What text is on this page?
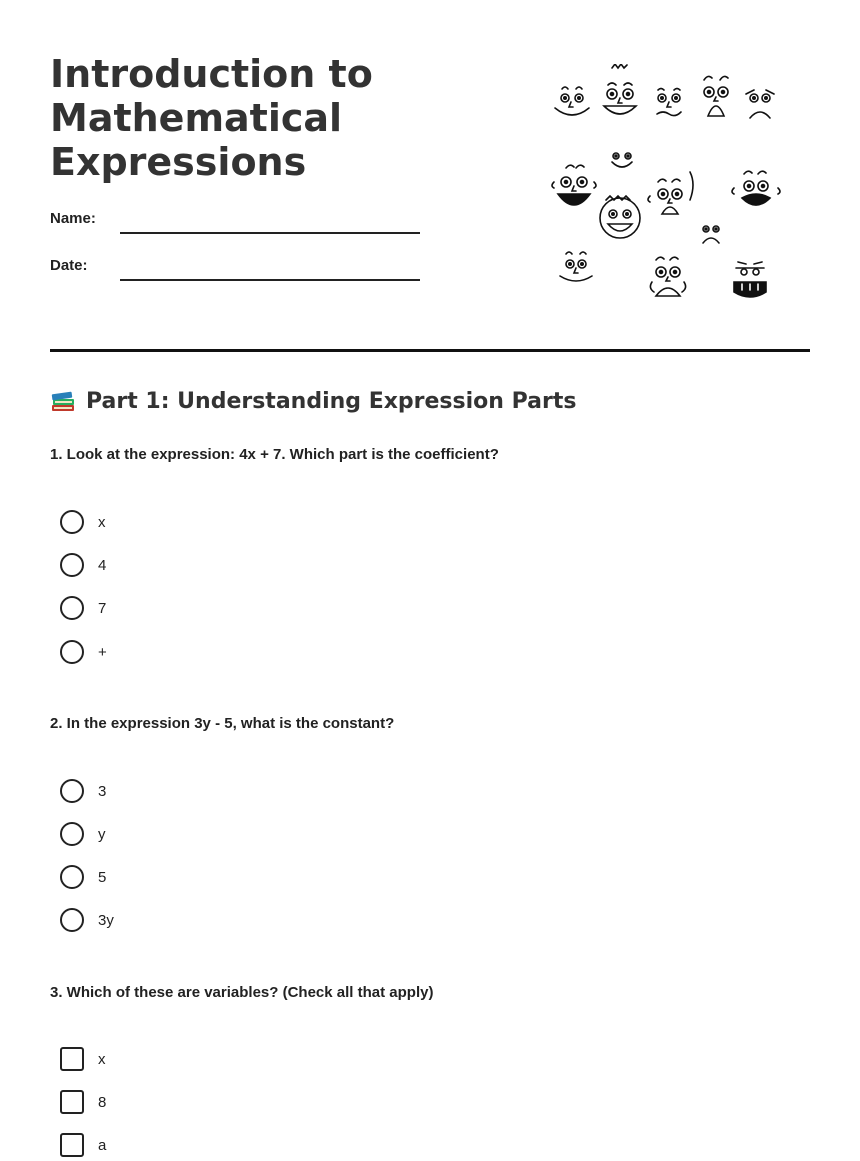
Introduction to
Mathematical
Expressions
Name:
Date:
Part 1: Understanding Expression Parts
1. Look at the expression: 4x + 7. Which part is the coefficient?
x
4
7
+
2. In the expression 3y - 5, what is the constant?
3
y
5
3y
3. Which of these are variables? (Check all that apply)
x
8
a
